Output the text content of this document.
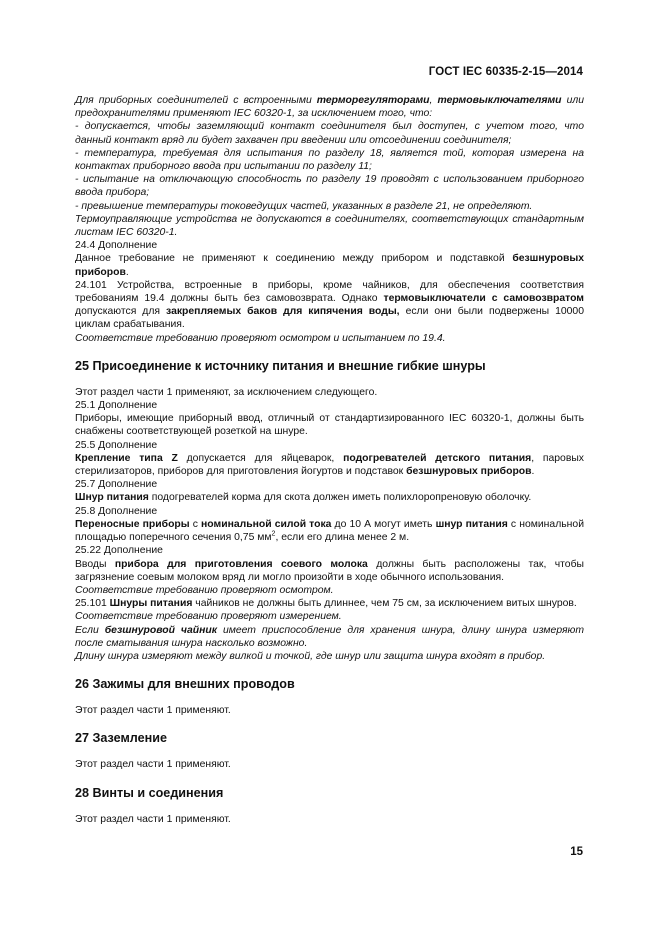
ГОСТ IEC 60335-2-15—2014

Для приборных соединителей с встроенными терморегуляторами, термовыключателями или предохранителями применяют IEC 60320-1, за исключением того, что:

- допускается, чтобы заземляющий контакт соединителя был доступен, с учетом того, что данный контакт вряд ли будет захвачен при введении или отсоединении соединителя;

- температура, требуемая для испытания по разделу 18, является той, которая измерена на контактах приборного ввода при испытании по разделу 11;

- испытание на отключающую способность по разделу 19 проводят с использованием приборного ввода прибора;

- превышение температуры токоведущих частей, указанных в разделе 21, не определяют.

Термоуправляющие устройства не допускаются в соединителях, соответствующих стандартным листам IEC 60320-1.

24.4 Дополнение

Данное требование не применяют к соединению между прибором и подставкой безшнуровых приборов.

24.101 Устройства, встроенные в приборы, кроме чайников, для обеспечения соответствия требованиям 19.4 должны быть без самовозврата. Однако термовыключатели с самовозвратом допускаются для закрепляемых баков для кипячения воды, если они были подвержены 10000 циклам срабатывания.

Соответствие требованию проверяют осмотром и испытанием по 19.4.

25 Присоединение к источнику питания и внешние гибкие шнуры

Этот раздел части 1 применяют, за исключением следующего.

25.1 Дополнение

Приборы, имеющие приборный ввод, отличный от стандартизированного IEC 60320-1, должны быть снабжены соответствующей розеткой на шнуре.

25.5 Дополнение

Крепление типа Z допускается для яйцеварок, подогревателей детского питания, паровых стерилизаторов, приборов для приготовления йогуртов и подставок безшнуровых приборов.

25.7 Дополнение

Шнур питания подогревателей корма для скота должен иметь полихлоропреновую оболочку.

25.8 Дополнение

Переносные приборы с номинальной силой тока до 10 А могут иметь шнур питания с номинальной площадью поперечного сечения 0,75 $мм^2$, если его длина менее 2 м.

25.22 Дополнение

Вводы прибора для приготовления соевого молока должны быть расположены так, чтобы загрязнение соевым молоком вряд ли могло произойти в ходе обычного использования.

Соответствие требованию проверяют осмотром.

25.101 Шнуры питания чайников не должны быть длиннее, чем 75 см, за исключением витых шнуров.

Соответствие требованию проверяют измерением.

Если безшнуровой чайник имеет приспособление для хранения шнура, длину шнура измеряют после сматывания шнура насколько возможно.

Длину шнура измеряют между вилкой и точкой, где шнур или защита шнура входят в прибор.

26 Зажимы для внешних проводов

Этот раздел части 1 применяют.

27 Заземление

Этот раздел части 1 применяют.

28 Винты и соединения

Этот раздел части 1 применяют.

15
